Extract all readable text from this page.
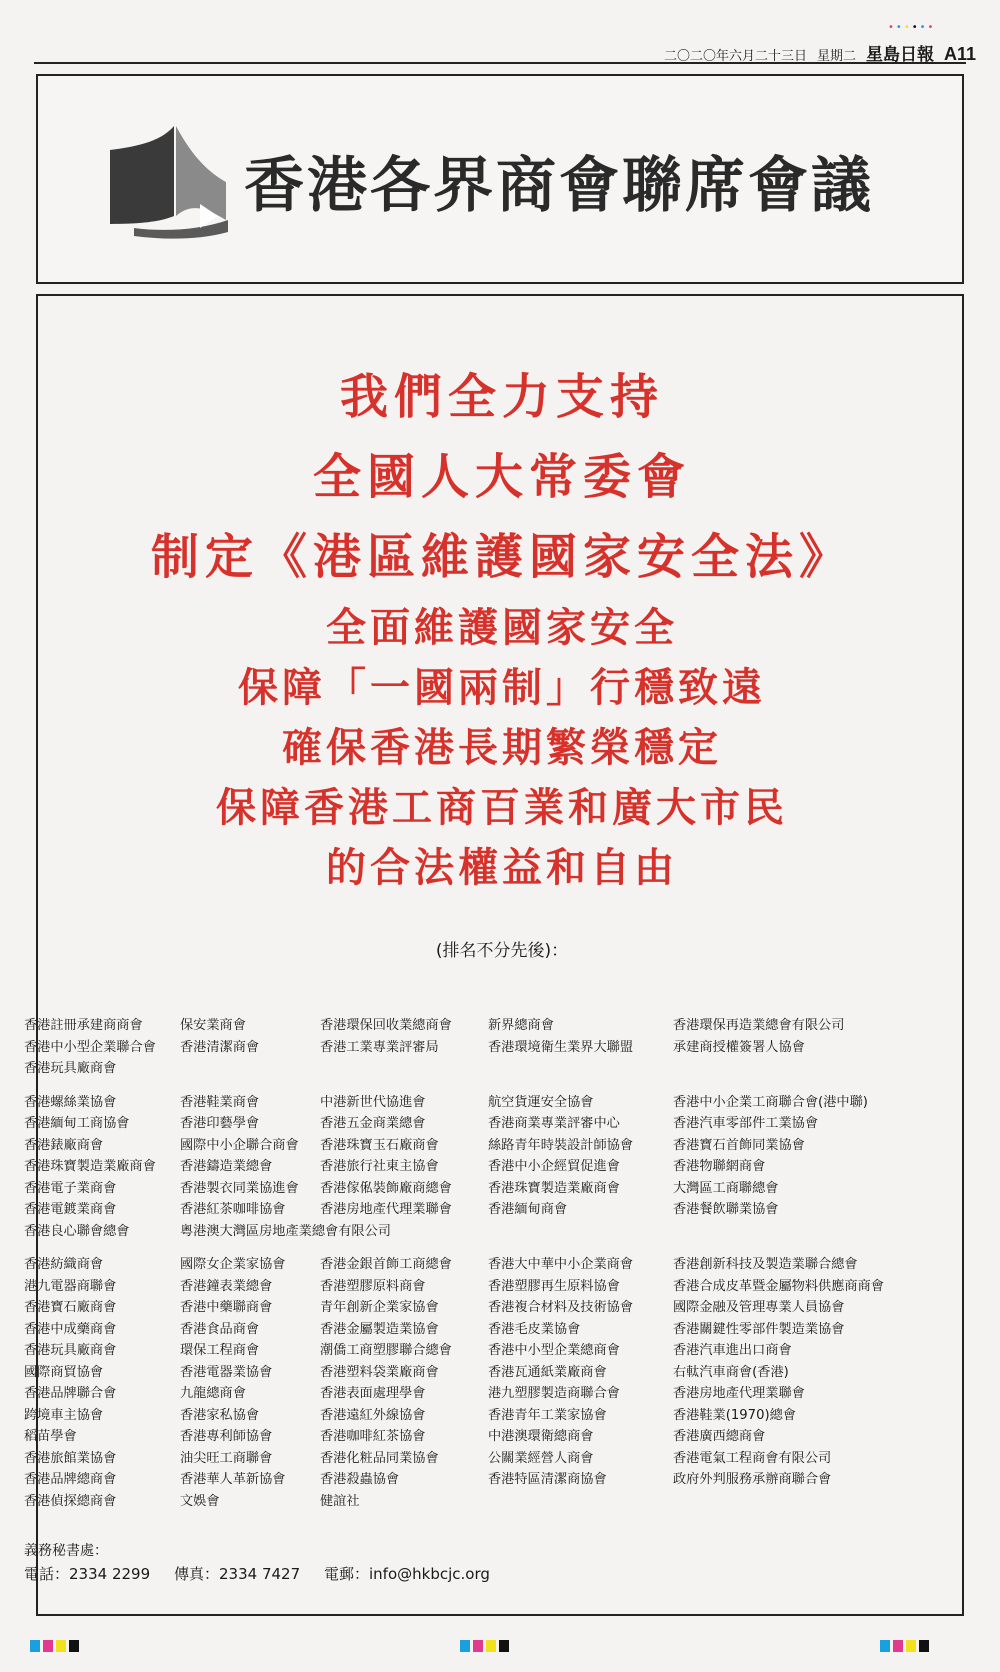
••••••
二〇二〇年六月二十三日 星期二 星島日報 A11
香港各界商會聯席會議
我們全力支持
全國人大常委會
制定《港區維護國家安全法》
全面維護國家安全
保障「一國兩制」行穩致遠
確保香港長期繁榮穩定
保障香港工商百業和廣大市民
的合法權益和自由
(排名不分先後)：
香港註冊承建商商會	保安業商會	香港環保回收業總商會	新界總商會	香港環保再造業總會有限公司
香港中小型企業聯合會	香港清潔商會	香港工業專業評審局	香港環境衛生業界大聯盟	承建商授權簽署人協會
香港玩具廠商會
香港螺絲業協會	香港鞋業商會	中港新世代協進會	航空貨運安全協會	香港中小企業工商聯合會(港中聯)
香港緬甸工商協會	香港印藝學會	香港五金商業總會	香港商業專業評審中心	香港汽車零部件工業協會
香港錶廠商會	國際中小企聯合商會	香港珠寶玉石廠商會	絲路青年時裝設計師協會	香港寶石首飾同業協會
香港珠寶製造業廠商會	香港鑄造業總會	香港旅行社東主協會	香港中小企經貿促進會	香港物聯網商會
香港電子業商會	香港製衣同業協進會	香港傢俬裝飾廠商總會	香港珠寶製造業廠商會	大灣區工商聯總會
香港電鍍業商會	香港紅茶咖啡協會	香港房地產代理業聯會	香港緬甸商會	香港餐飲聯業協會
香港良心聯會總會	粵港澳大灣區房地產業總會有限公司
香港紡織商會	國際女企業家協會	香港金銀首飾工商總會	香港大中華中小企業商會	香港創新科技及製造業聯合總會
港九電器商聯會	香港鐘表業總會	香港塑膠原料商會	香港塑膠再生原料協會	香港合成皮革暨金屬物料供應商商會
香港寶石廠商會	香港中藥聯商會	青年創新企業家協會	香港複合材料及技術協會	國際金融及管理專業人員協會
香港中成藥商會	香港食品商會	香港金屬製造業協會	香港毛皮業協會	香港關鍵性零部件製造業協會
香港玩具廠商會	環保工程商會	潮僑工商塑膠聯合總會	香港中小型企業總商會	香港汽車進出口商會
國際商貿協會	香港電器業協會	香港塑料袋業廠商會	香港瓦通紙業廠商會	右軚汽車商會(香港)
香港品牌聯合會	九龍總商會	香港表面處理學會	港九塑膠製造商聯合會	香港房地產代理業聯會
跨境車主協會	香港家私協會	香港遠紅外線協會	香港青年工業家協會	香港鞋業(1970)總會
稻苗學會	香港專利師協會	香港咖啡紅茶協會	中港澳環衛總商會	香港廣西總商會
香港旅館業協會	油尖旺工商聯會	香港化粧品同業協會	公關業經營人商會	香港電氣工程商會有限公司
香港品牌總商會	香港華人革新協會	香港殺蟲協會	香港特區清潔商協會	政府外判服務承辦商聯合會
香港偵探總商會	文娛會	健誼社
義務秘書處：
電話：2334 2299	傳真：2334 7427	電郵：info@hkbcjc.org
